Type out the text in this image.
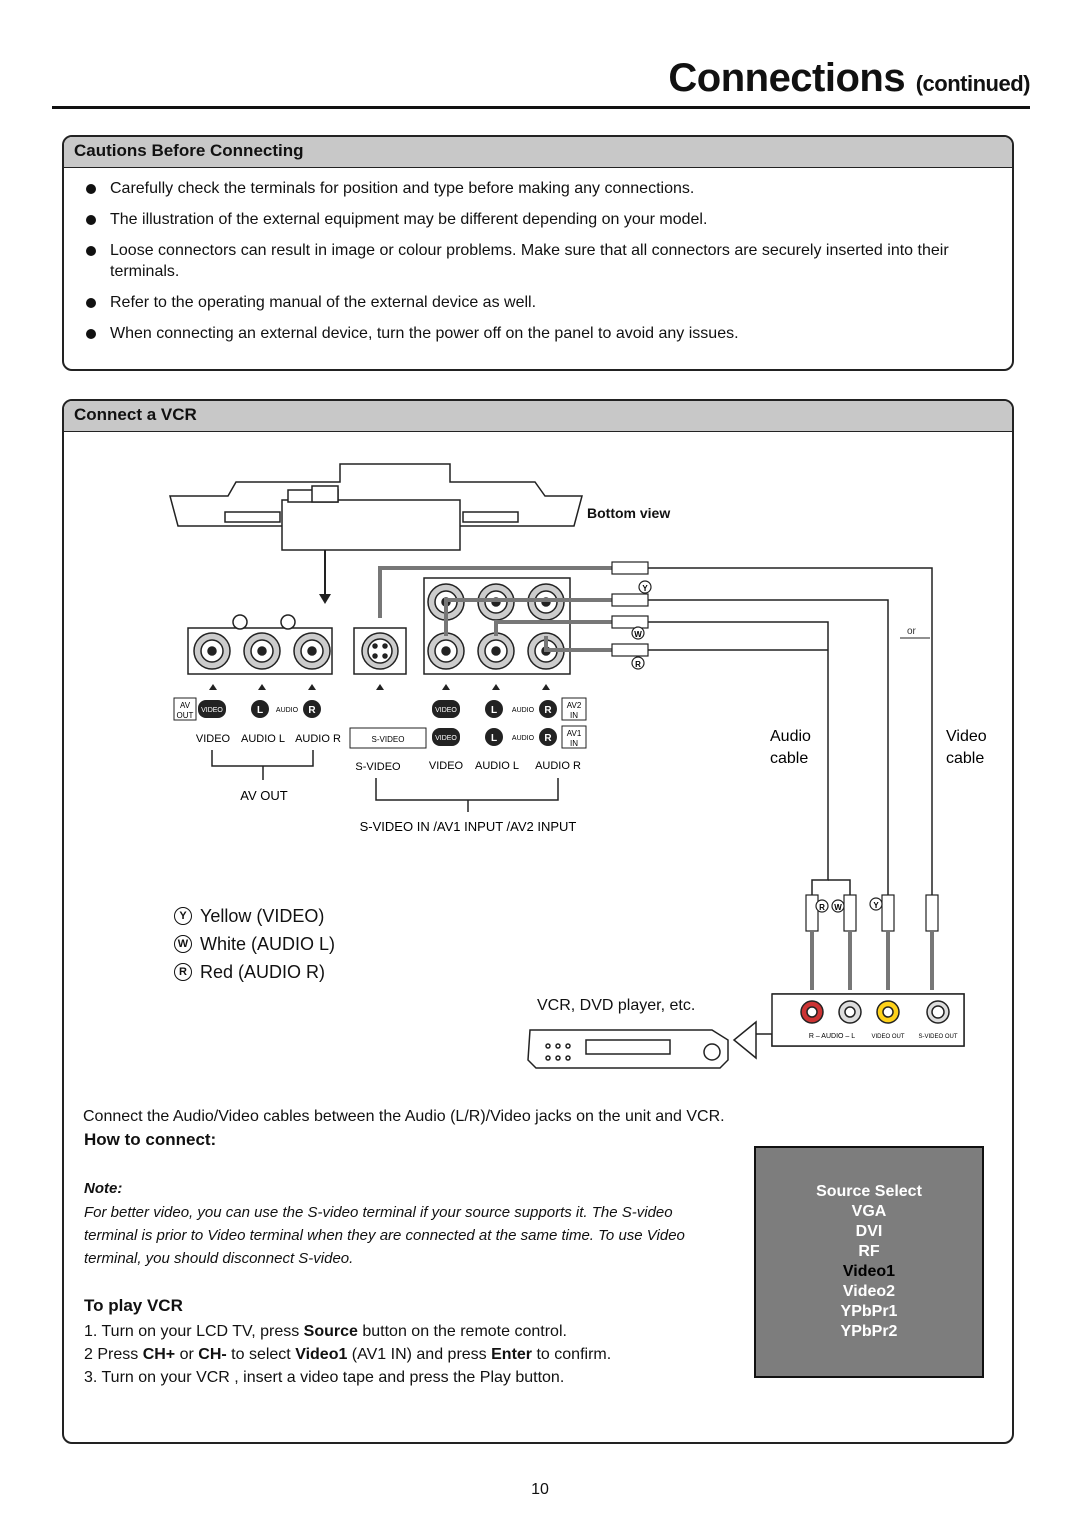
Connections (continued)
Cautions Before Connecting
Carefully check the terminals for position and type before making any connections.
The illustration of the external equipment may be different depending on your model.
Loose connectors can result in image or colour problems. Make sure that all connectors are securely inserted into their terminals.
Refer to the operating manual of the external device as well.
When connecting an external device, turn the power off on the panel to avoid any issues.
Connect a VCR
Bottom view
Y
W
R
or
AV
OUT
VIDEO	L AUDIO R	VIDEO	L AUDIO R AV2
IN
VIDEO AUDIO L AUDIO R	S-VIDEO	VIDEO	L AUDIO R AV1
IN
S-VIDEO	VIDEO AUDIO L AUDIO R
AV OUT
S-VIDEO IN /AV1 INPUT /AV2 INPUT
Audio
cable
Video
cable
R W	Y
R – AUDIO – L	VIDEO OUT S-VIDEO OUT
Y Yellow (VIDEO)
W White (AUDIO L)
R Red (AUDIO R)
VCR, DVD player, etc.
Connect the Audio/Video cables between the Audio (L/R)/Video jacks on the unit and VCR.
How to connect:
Note:
For better video, you can use the S-video terminal if your source supports it. The S-video terminal is prior to Video terminal when they are connected at the same time. To use Video terminal, you should disconnect S-video.
To play VCR
1. Turn on your LCD TV, press Source button on the remote control.
2 Press CH+ or CH- to select Video1 (AV1 IN) and press Enter to confirm.
3. Turn on your VCR , insert a video tape and press the Play button.
Source Select
VGA
DVI
RF
Video1
Video2
YPbPr1
YPbPr2
10
